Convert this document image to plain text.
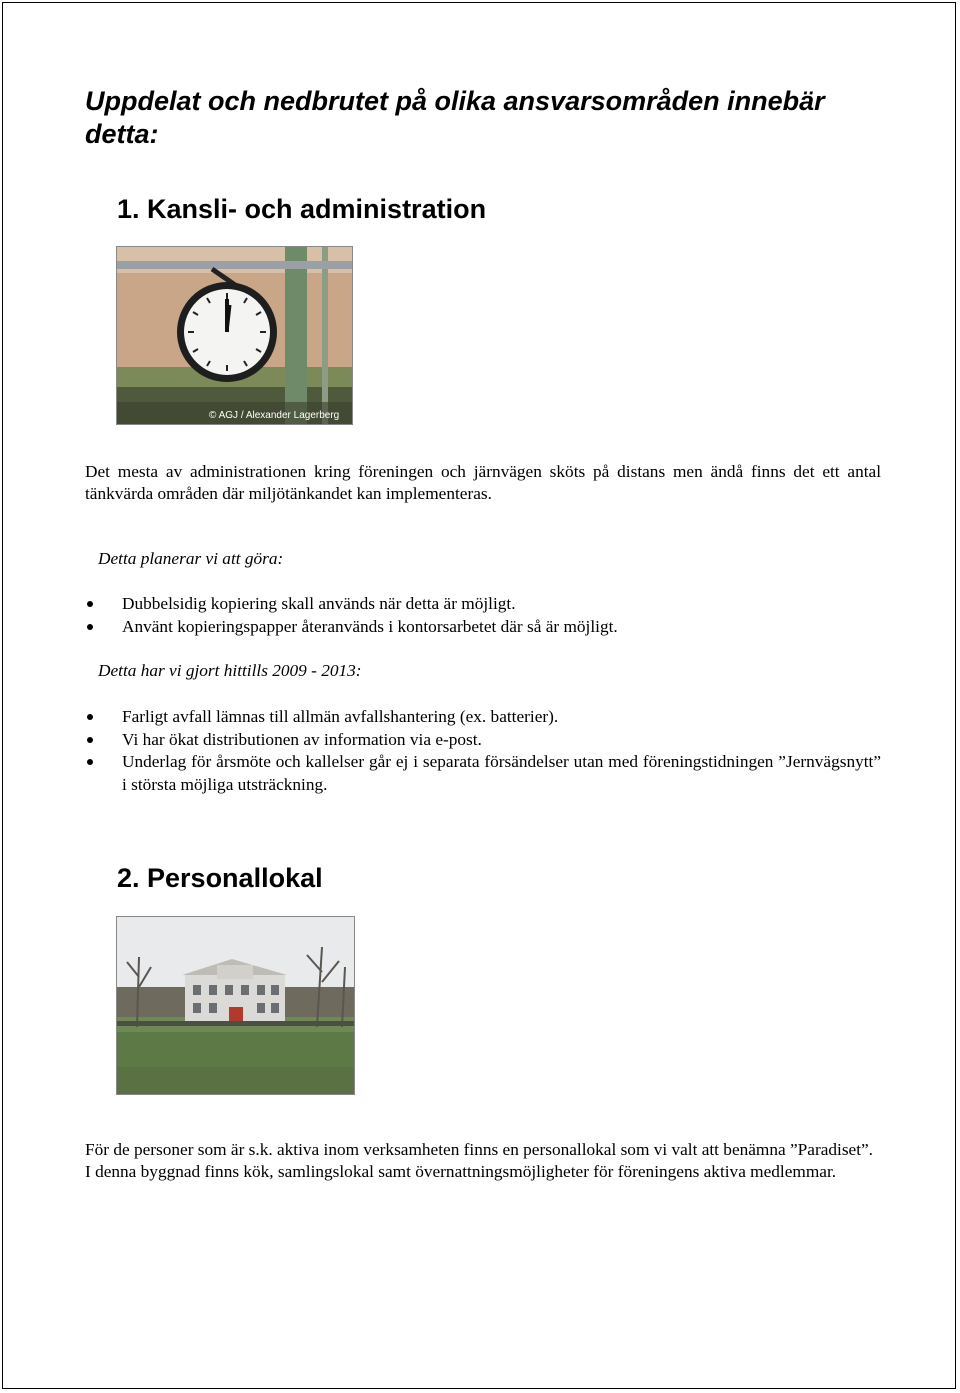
Uppdelat och nedbrutet på olika ansvarsområden innebär detta:
1. Kansli- och administration
© AGJ / Alexander Lagerberg

Det mesta av administrationen kring föreningen och järnvägen sköts på distans men ändå finns det ett antal tänkvärda områden där miljötänkandet kan implementeras.

Detta planerar vi att göra:

Dubbelsidig kopiering skall används när detta är möjligt.
Använt kopieringspapper återanvänds i kontorsarbetet där så är möjligt.

Detta har vi gjort hittills 2009 - 2013:

Farligt avfall lämnas till allmän avfallshantering (ex. batterier).
Vi har ökat distributionen av information via e-post.
Underlag för årsmöte och kallelser går ej i separata försändelser utan med föreningstidningen ”Jernvägsnytt” i största möjliga utsträckning.
2. Personallokal

För de personer som är s.k. aktiva inom verksamheten finns en personallokal som vi valt att benämna ”Paradiset”. I denna byggnad finns kök, samlingslokal samt övernattningsmöjligheter för föreningens aktiva medlemmar.
